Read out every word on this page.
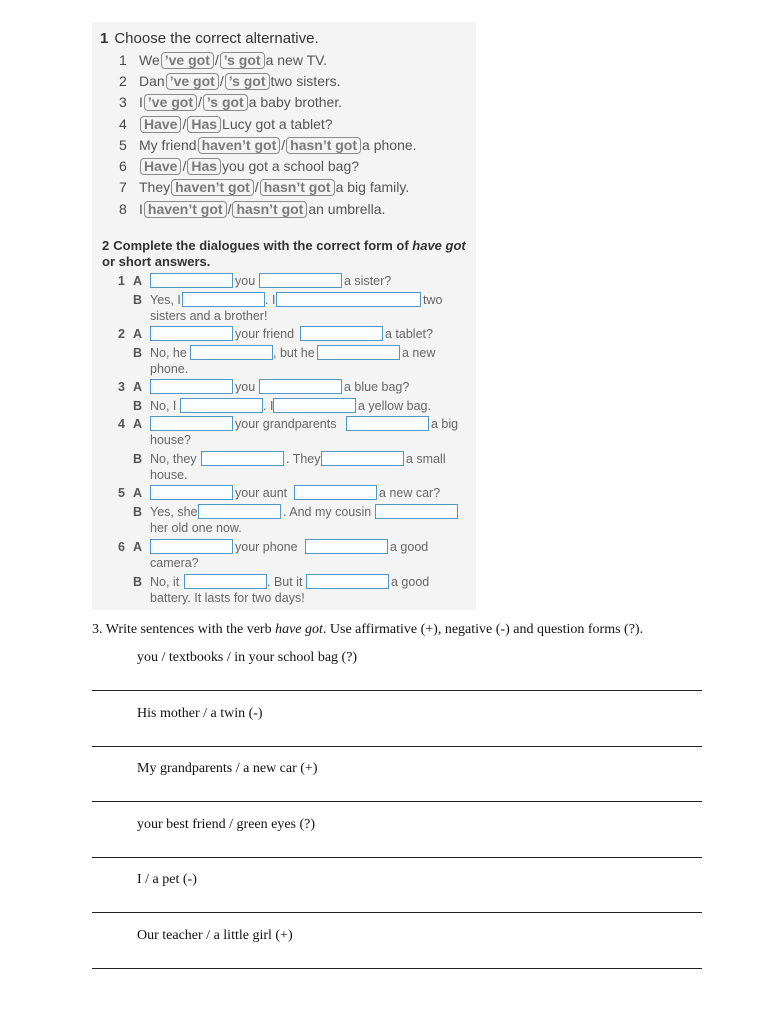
1 Choose the correct alternative.
1 We ’ve got / ’s got a new TV.
2 Dan ’ve got / ’s got two sisters.
3 I ’ve got / ’s got a baby brother.
4 Have / Has Lucy got a tablet?
5 My friend haven’t got / hasn’t got a phone.
6 Have / Has you got a school bag?
7 They haven’t got / hasn’t got a big family.
8 I haven’t got / hasn’t got an umbrella.
2 Complete the dialogues with the correct form of have got
or short answers.
1 A	you	a sister?
B Yes, I	. I	two
sisters and a brother!
2 A	your friend	a tablet?
B No, he	, but he	a new
phone.
3 A	you	a blue bag?
B No, I	. I	a yellow bag.
4 A	your grandparents	a big
house?
B No, they	. They	a small
house.
5 A	your aunt	a new car?
B Yes, she	. And my cousin
her old one now.
6 A	your phone	a good
camera?
B No, it	. But it	a good
battery. It lasts for two days!
3. Write sentences with the verb have got. Use affirmative (+), negative (-) and question forms (?).
you / textbooks / in your school bag (?)
His mother / a twin (-)
My grandparents / a new car (+)
your best friend / green eyes (?)
I / a pet (-)
Our teacher / a little girl (+)
